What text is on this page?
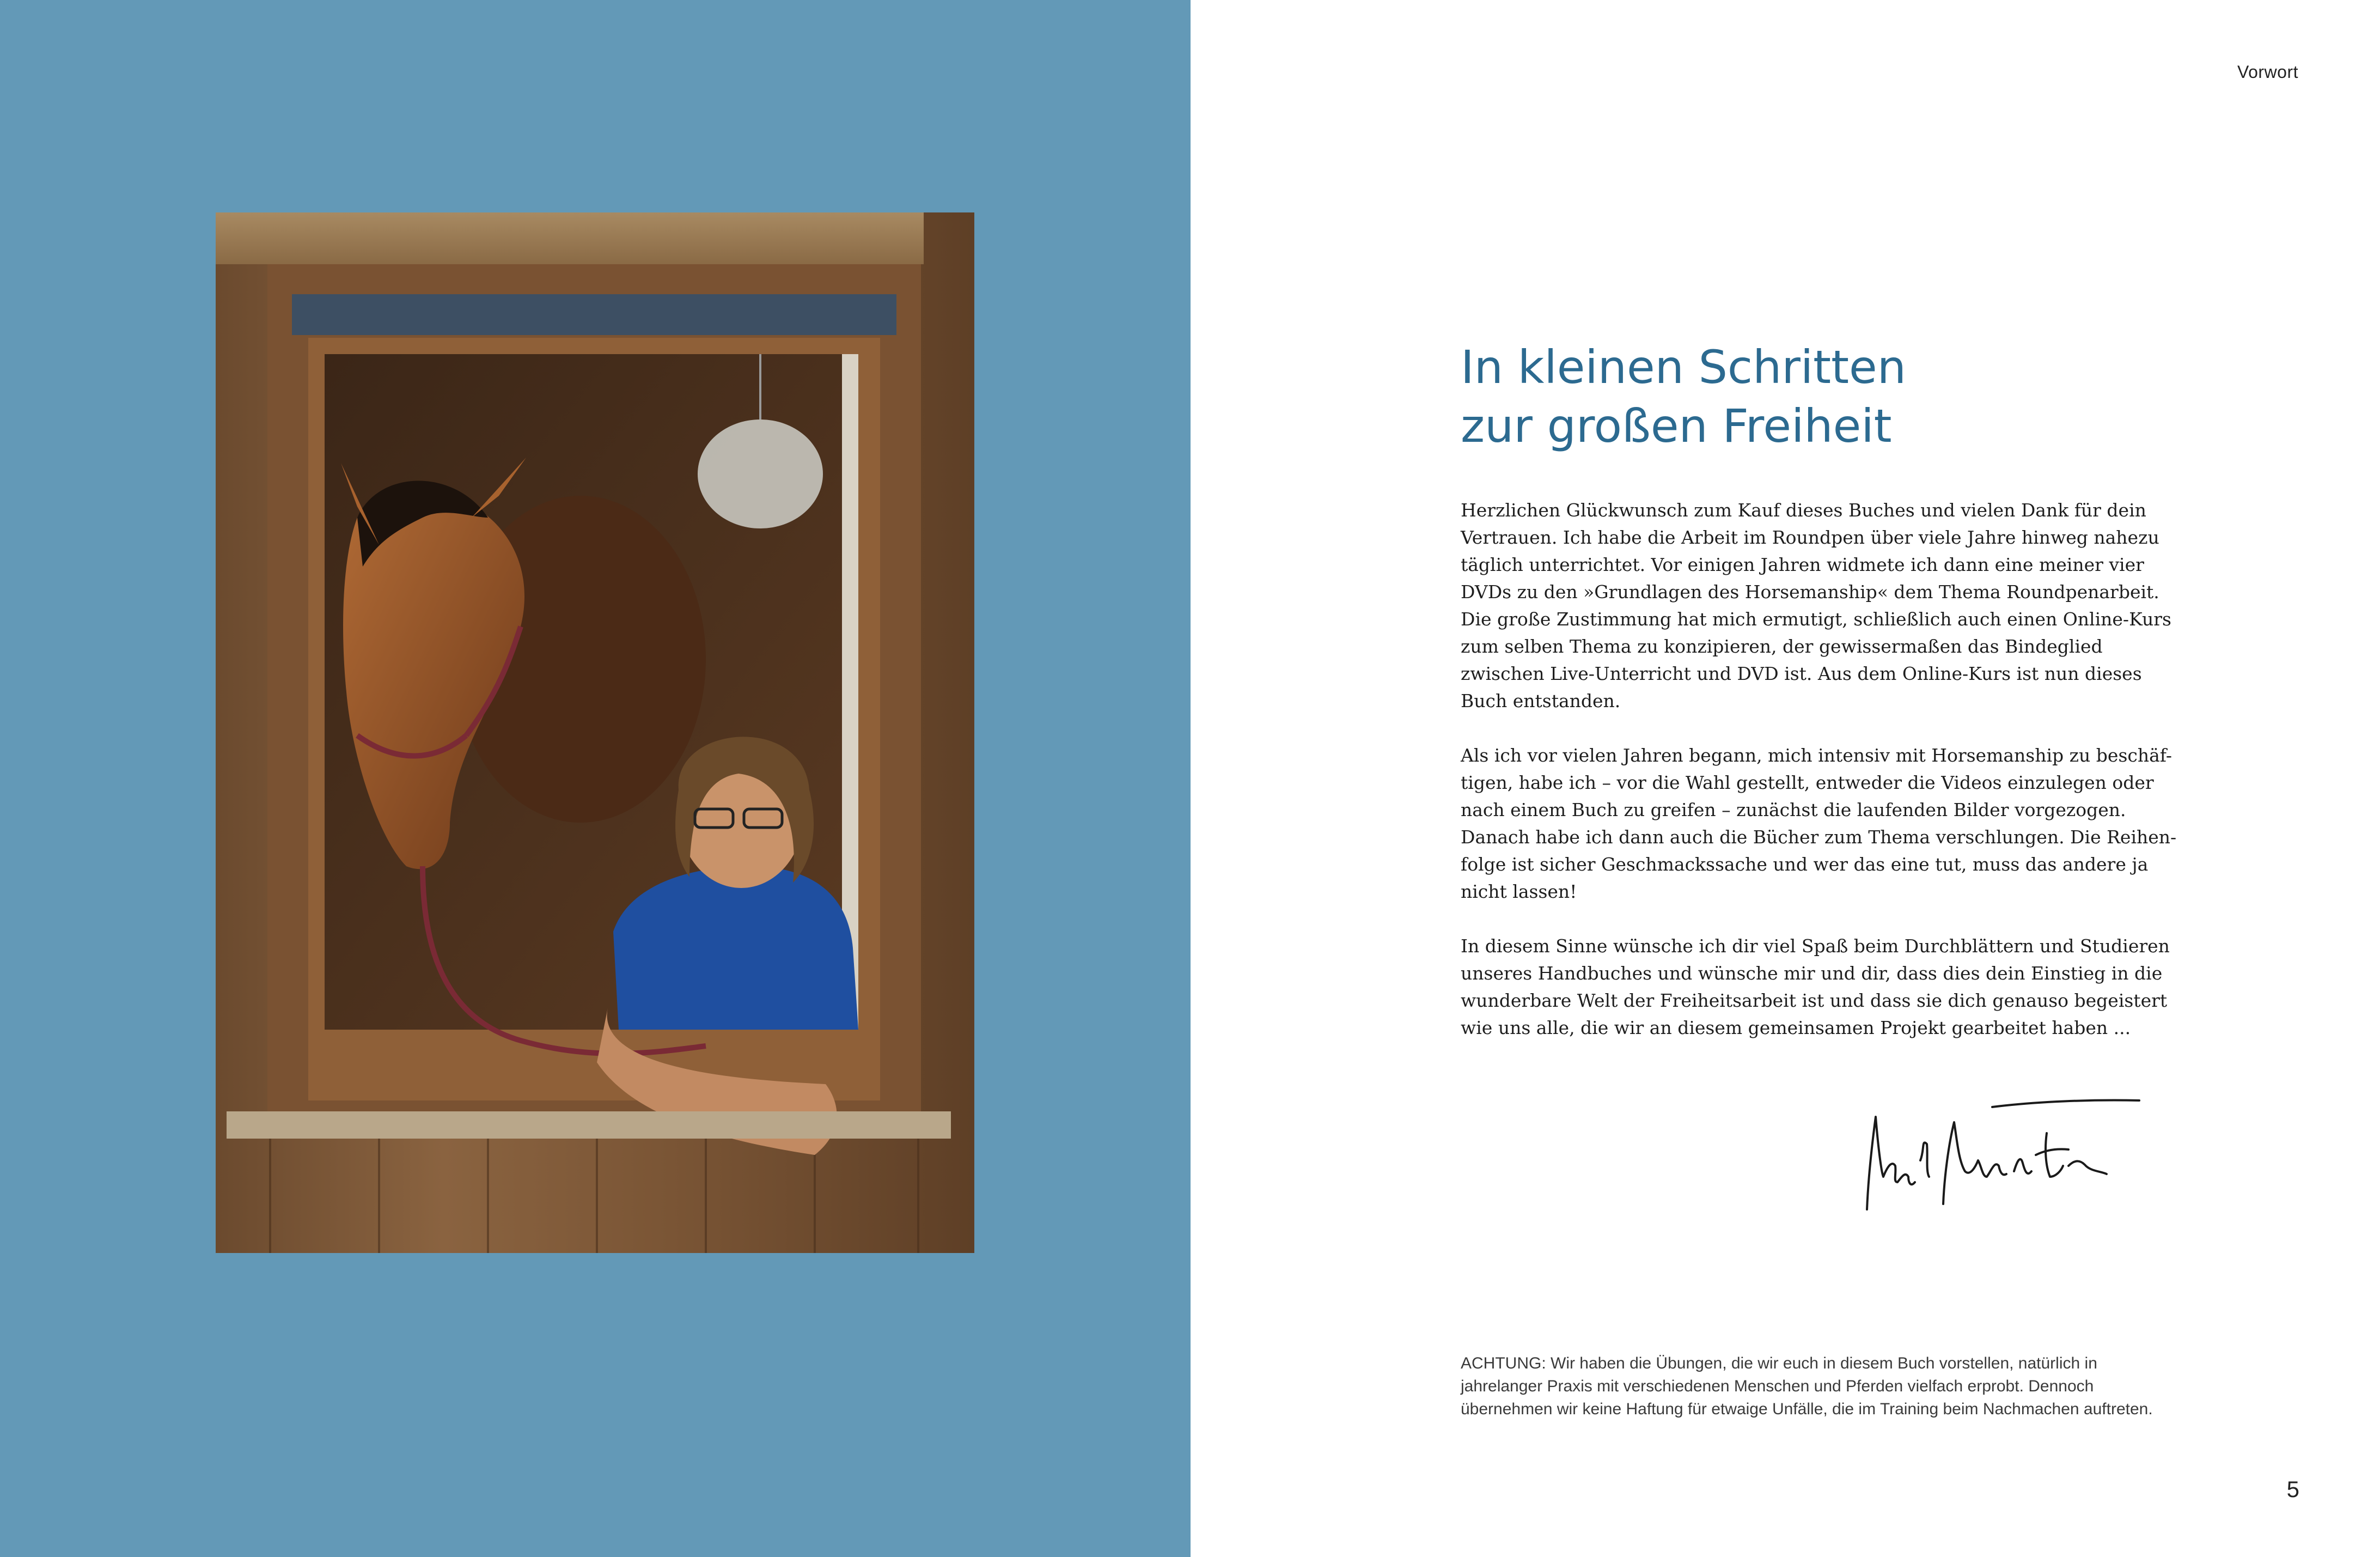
Vorwort
In kleinen Schritten
zur großen Freiheit

Herzlichen Glückwunsch zum Kauf dieses Buches und vielen Dank für dein
Vertrauen. Ich habe die Arbeit im Roundpen über viele Jahre hinweg nahezu
täglich unterrichtet. Vor einigen Jahren widmete ich dann eine meiner vier
DVDs zu den »Grundlagen des Horsemanship« dem Thema Roundpenarbeit.
Die große Zustimmung hat mich ermutigt, schließlich auch einen Online-Kurs
zum selben Thema zu konzipieren, der gewissermaßen das Bindeglied
zwischen Live-Unterricht und DVD ist. Aus dem Online-Kurs ist nun dieses
Buch entstanden.

Als ich vor vielen Jahren begann, mich intensiv mit Horsemanship zu beschäf-
tigen, habe ich – vor die Wahl gestellt, entweder die Videos einzulegen oder
nach einem Buch zu greifen – zunächst die laufenden Bilder vorgezogen.
Danach habe ich dann auch die Bücher zum Thema verschlungen. Die Reihen-
folge ist sicher Geschmackssache und wer das eine tut, muss das andere ja
nicht lassen!

In diesem Sinne wünsche ich dir viel Spaß beim Durchblättern und Studieren
unseres Handbuches und wünsche mir und dir, dass dies dein Einstieg in die
wunderbare Welt der Freiheitsarbeit ist und dass sie dich genauso begeistert
wie uns alle, die wir an diesem gemeinsamen Projekt gearbeitet haben ...

ACHTUNG: Wir haben die Übungen, die wir euch in diesem Buch vorstellen, natürlich in
jahrelanger Praxis mit verschiedenen Menschen und Pferden vielfach erprobt. Dennoch
übernehmen wir keine Haftung für etwaige Unfälle, die im Training beim Nachmachen auftreten.
5
